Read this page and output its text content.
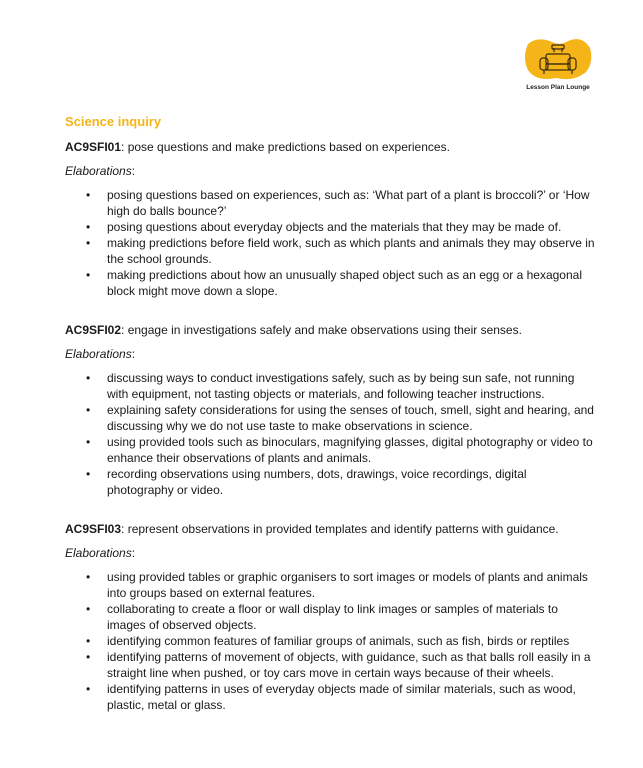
Lesson Plan Lounge
Science inquiry

AC9SFI01: pose questions and make predictions based on experiences.

Elaborations:

• posing questions based on experiences, such as: ‘What part of a plant is broccoli?’ or ‘How high do balls bounce?’
• posing questions about everyday objects and the materials that they may be made of.
• making predictions before field work, such as which plants and animals they may observe in the school grounds.
• making predictions about how an unusually shaped object such as an egg or a hexagonal block might move down a slope.

AC9SFI02: engage in investigations safely and make observations using their senses.

Elaborations:

• discussing ways to conduct investigations safely, such as by being sun safe, not running with equipment, not tasting objects or materials, and following teacher instructions.
• explaining safety considerations for using the senses of touch, smell, sight and hearing, and discussing why we do not use taste to make observations in science.
• using provided tools such as binoculars, magnifying glasses, digital photography or video to enhance their observations of plants and animals.
• recording observations using numbers, dots, drawings, voice recordings, digital photography or video.

AC9SFI03: represent observations in provided templates and identify patterns with guidance.

Elaborations:

• using provided tables or graphic organisers to sort images or models of plants and animals into groups based on external features.
• collaborating to create a floor or wall display to link images or samples of materials to images of observed objects.
• identifying common features of familiar groups of animals, such as fish, birds or reptiles
• identifying patterns of movement of objects, with guidance, such as that balls roll easily in a straight line when pushed, or toy cars move in certain ways because of their wheels.
• identifying patterns in uses of everyday objects made of similar materials, such as wood, plastic, metal or glass.
